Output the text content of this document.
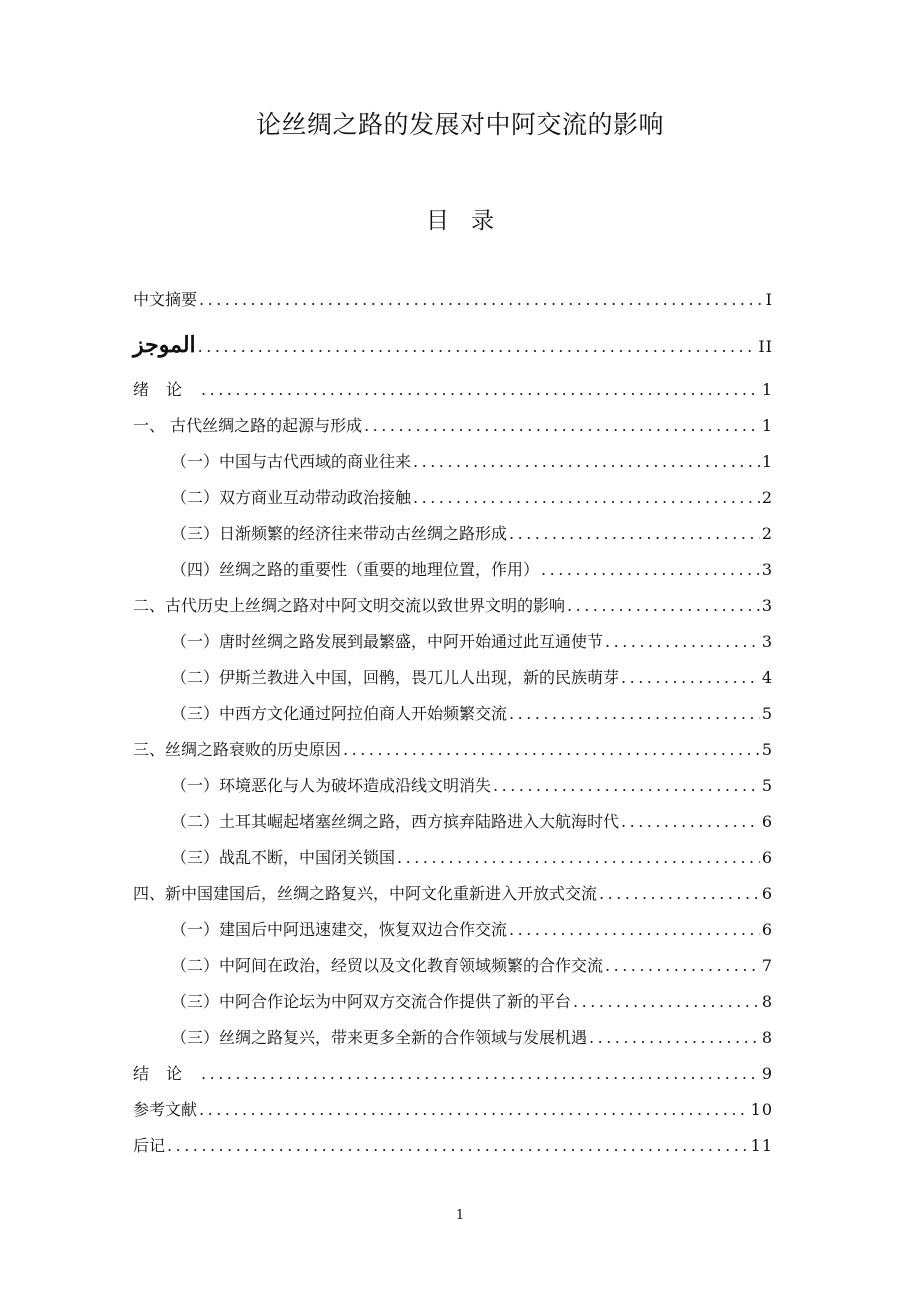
论丝绸之路的发展对中阿交流的影响
目录
中文摘要 .....	I
الموجز .....	II
绪论 .....	1
一、 古代丝绸之路的起源与形成 .....	1
（一）中国与古代西域的商业往来 .....	1
（二）双方商业互动带动政治接触 .....	2
（三）日渐频繁的经济往来带动古丝绸之路形成 .....	2
（四）丝绸之路的重要性（重要的地理位置，作用） .....	3
二、古代历史上丝绸之路对中阿文明交流以致世界文明的影响 .....	3
（一）唐时丝绸之路发展到最繁盛，中阿开始通过此互通使节 .....	3
（二）伊斯兰教进入中国，回鹘，畏兀儿人出现，新的民族萌芽 .....	4
（三）中西方文化通过阿拉伯商人开始频繁交流 .....	5
三、丝绸之路衰败的历史原因 .....	5
（一）环境恶化与人为破坏造成沿线文明消失 .....	5
（二）土耳其崛起堵塞丝绸之路，西方摈弃陆路进入大航海时代 .....	6
（三）战乱不断，中国闭关锁国 .....	6
四、新中国建国后，丝绸之路复兴，中阿文化重新进入开放式交流 .....	6
（一）建国后中阿迅速建交，恢复双边合作交流 .....	6
（二）中阿间在政治，经贸以及文化教育领域频繁的合作交流 .....	7
（三）中阿合作论坛为中阿双方交流合作提供了新的平台 .....	8
（三）丝绸之路复兴，带来更多全新的合作领域与发展机遇 .....	8
结论 .....	9
参考文献 .....	10
后记 .....	11
1
